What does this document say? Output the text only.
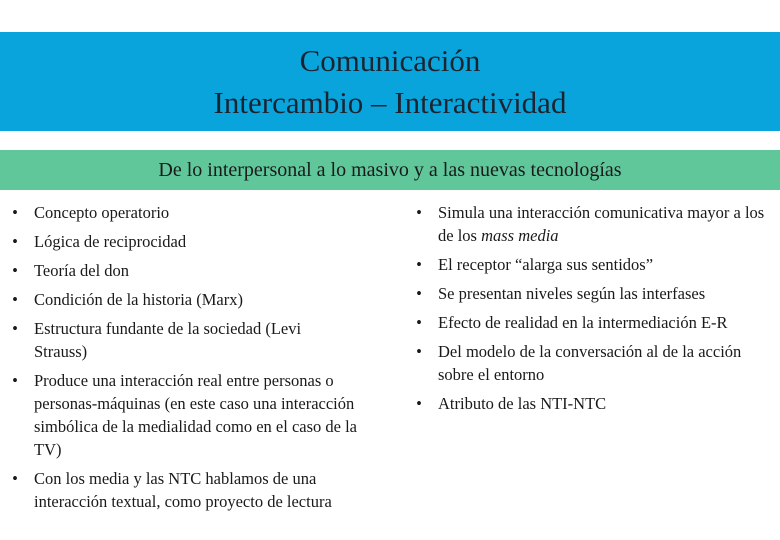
Comunicación
Intercambio – Interactividad
De lo interpersonal a lo masivo y a las nuevas tecnologías
• Concepto operatorio
• Lógica de reciprocidad
• Teoría del don
• Condición de la historia (Marx)
• Estructura fundante de la sociedad (Levi Strauss)
• Produce una interacción real entre personas o personas-máquinas (en este caso una interacción simbólica de la medialidad como en el caso de la TV)
• Con los media y las NTC hablamos de una interacción textual, como proyecto de lectura
• Simula una interacción comunicativa mayor a los de los mass media
• El receptor “alarga sus sentidos”
• Se presentan niveles según las interfases
• Efecto de realidad en la intermediación E-R
• Del modelo de la conversación al de la acción sobre el entorno
• Atributo de las NTI-NTC
